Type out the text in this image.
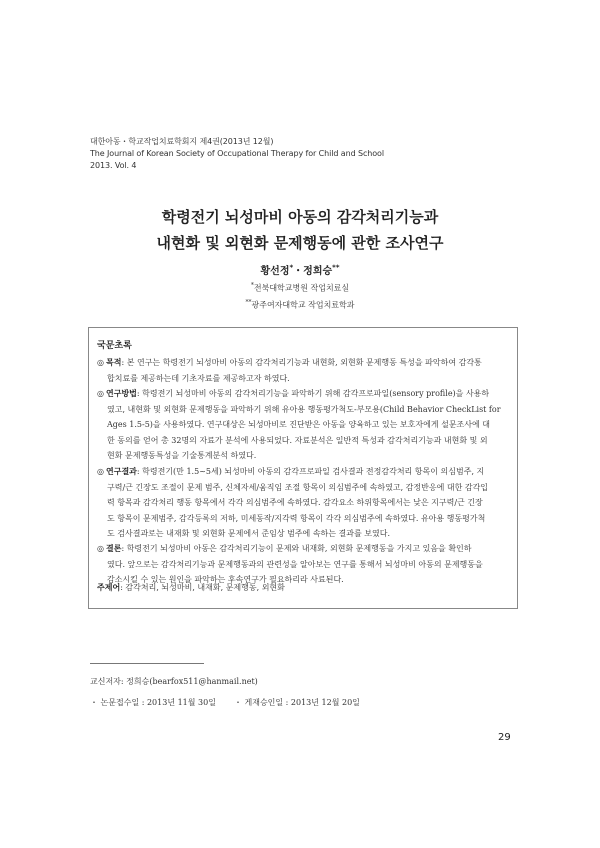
대한아동・학교작업치료학회지 제4권(2013년 12월)
The Journal of Korean Society of Occupational Therapy for Child and School
2013. Vol. 4
학령전기 뇌성마비 아동의 감각처리기능과
내현화 및 외현화 문제행동에 관한 조사연구
황선정*・정희승**
*전북대학교병원 작업치료실
**광주여자대학교 작업치료학과
국문초록
◎ 목적: 본 연구는 학령전기 뇌성마비 아동의 감각처리기능과 내현화, 외현화 문제행동 특성을 파악하여 감각통
합치료를 제공하는데 기초자료를 제공하고자 하였다.
◎ 연구방법: 학령전기 뇌성마비 아동의 감각처리기능을 파악하기 위해 감각프로파일(sensory profile)을 사용하
였고, 내현화 및 외현화 문제행동을 파악하기 위해 유아용 행동평가척도-부모용(Child Behavior CheckList for
Ages 1.5-5)을 사용하였다. 연구대상은 뇌성마비로 진단받은 아동을 양육하고 있는 보호자에게 설문조사에 대
한 동의를 얻어 총 32명의 자료가 분석에 사용되었다. 자료분석은 일반적 특성과 감각처리기능과 내현화 및 외
현화 문제행동특성을 기술통계분석 하였다.
◎ 연구결과: 학령전기(만 1.5~5세) 뇌성마비 아동의 감각프로파일 검사결과 전정감각처리 항목이 의심범주, 지
구력/근 긴장도 조절이 문제 범주, 신체자세/움직임 조절 항목이 의심범주에 속하였고, 감정반응에 대한 감각입
력 항목과 감각처리 행동 항목에서 각각 의심범주에 속하였다. 감각요소 하위항목에서는 낮은 지구력/근 긴장
도 항목이 문제범주, 감각등록의 저하, 미세동작/지각력 항목이 각각 의심범주에 속하였다. 유아용 행동평가척
도 검사결과로는 내재화 및 외현화 문제에서 준임상 범주에 속하는 결과를 보였다.
◎ 결론: 학령전기 뇌성마비 아동은 감각처리기능이 문제와 내재화, 외현화 문제행동을 가지고 있음을 확인하
였다. 앞으로는 감각처리기능과 문제행동과의 관련성을 알아보는 연구를 통해서 뇌성마비 아동의 문제행동을
감소시킬 수 있는 원인을 파악하는 후속연구가 필요하리라 사료된다.
주제어: 감각처리, 뇌성마비, 내재화, 문제행동, 외현화
교신저자: 정희승(bearfox511@hanmail.net)
・ 논문접수일 : 2013년 11월 30일 ・ 게재승인일 : 2013년 12월 20일
29
